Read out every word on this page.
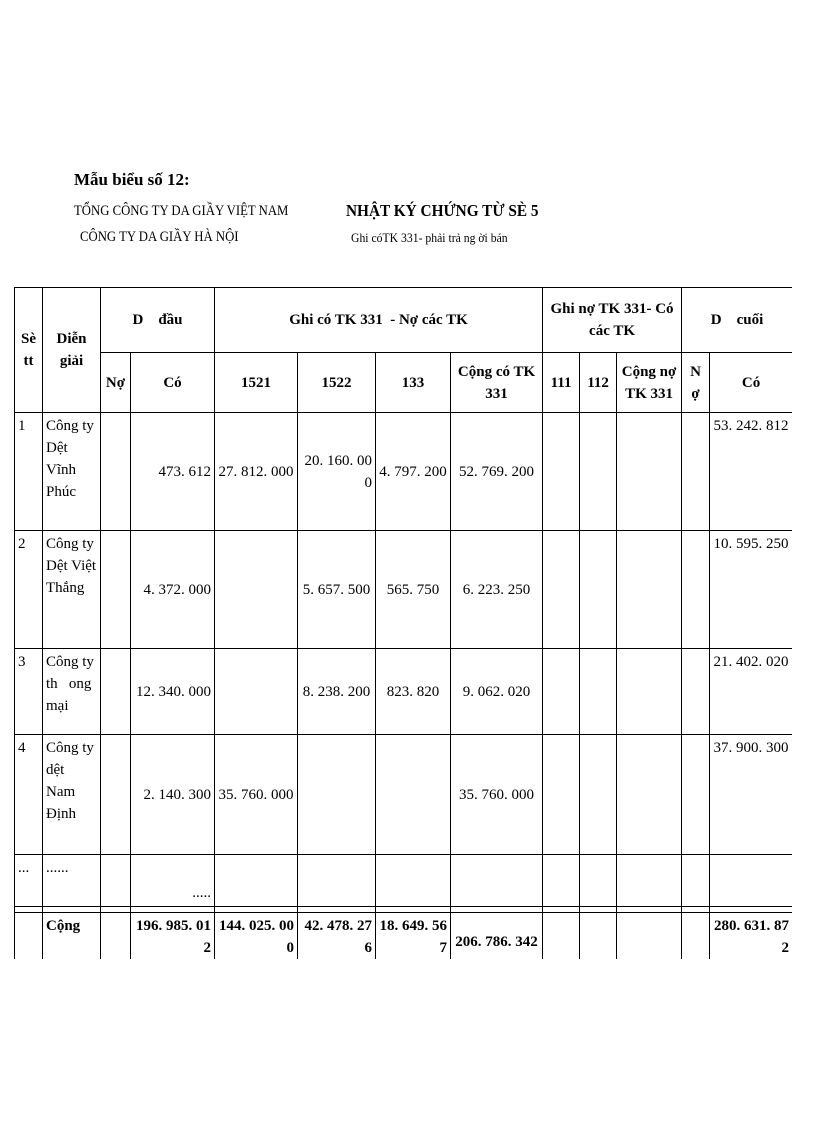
Mẫu biểu số 12:
TỔNG CÔNG TY DA GIẦY VIỆT NAM
CÔNG TY DA GIẦY HÀ NỘI
NHẬT KÝ CHỨNG TỪ SÈ 5
Ghi cóTK 331- phải trả ng ời bán
Sè
tt	Diễn giải	D    đầu		Ghi có TK 331  - Nợ các TK				Ghi nợ TK 331- Có các TK			D    cuối	
		Nợ	Có	1521	1522	133	Cộng có TK 331	111	112	Cộng nợ TK 331	N ợ	Có
1	Công ty Dệt Vĩnh Phúc		473. 612	27. 812. 000	20. 160. 000	4. 797. 200	52. 769. 200					53. 242. 812
2	Công ty Dệt Việt Thắng		4. 372. 000		5. 657. 500	565. 750	6. 223. 250					10. 595. 250
3	Công ty th   ong mại		12. 340. 000		8. 238. 200	823. 820	9. 062. 020					21. 402. 020
4	Công ty dệt Nam Định		2. 140. 300	35. 760. 000			35. 760. 000					37. 900. 300
...	......		.....									

	Cộng		196. 985. 012	144. 025. 000	42. 478. 276	18. 649. 567	206. 786. 342					280. 631. 872
